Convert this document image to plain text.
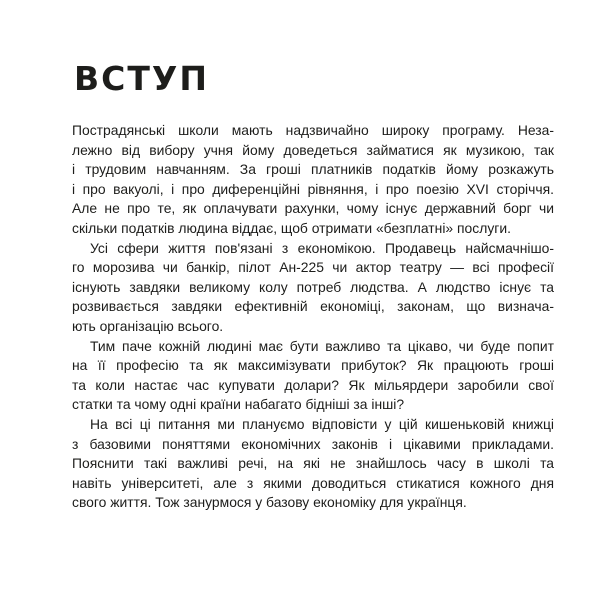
ВСТУП

Пострадянські школи мають надзвичайно широку програму. Неза-
лежно від вибору учня йому доведеться займатися як музикою, так
і трудовим навчанням. За гроші платників податків йому розкажуть
і про вакуолі, і про диференційні рівняння, і про поезію XVI сторіччя.
Але не про те, як оплачувати рахунки, чому існує державний борг чи
скільки податків людина віддає, щоб отримати «безплатні» послуги.

Усі сфери життя пов'язані з економікою. Продавець найсмачнішо-
го морозива чи банкір, пілот Ан-225 чи актор театру — всі професії
існують завдяки великому колу потреб людства. А людство існує та
розвивається завдяки ефективній економіці, законам, що визнача-
ють організацію всього.

Тим паче кожній людині має бути важливо та цікаво, чи буде попит
на її професію та як максимізувати прибуток? Як працюють гроші
та коли настає час купувати долари? Як мільярдери заробили свої
статки та чому одні країни набагато бідніші за інші?

На всі ці питання ми плануємо відповісти у цій кишеньковій книжці
з базовими поняттями економічних законів і цікавими прикладами.
Пояснити такі важливі речі, на які не знайшлось часу в школі та
навіть університеті, але з якими доводиться стикатися кожного дня
свого життя. Тож занурмося у базову економіку для українця.
